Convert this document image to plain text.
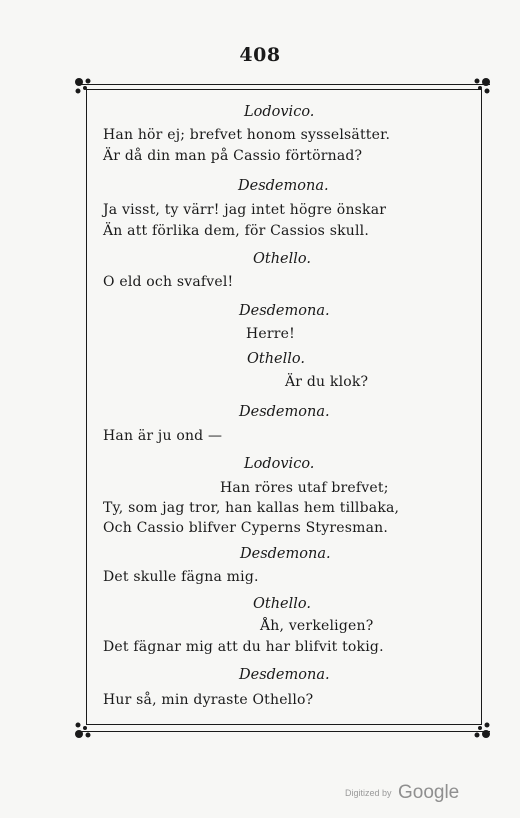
408
Lodovico.
Han hör ej; brefvet honom sysselsätter.
Är då din man på Cassio förtörnad?
Desdemona.
Ja visst, ty värr! jag intet högre önskar
Än att förlika dem, för Cassios skull.
Othello.
O eld och svafvel!
Desdemona.
Herre!
Othello.
Är du klok?
Desdemona.
Han är ju ond —
Lodovico.
Han röres utaf brefvet;
Ty, som jag tror, han kallas hem tillbaka,
Och Cassio blifver Cyperns Styresman.
Desdemona.
Det skulle fägna mig.
Othello.
Åh, verkeligen?
Det fägnar mig att du har blifvit tokig.
Desdemona.
Hur så, min dyraste Othello?
Digitized by Google
